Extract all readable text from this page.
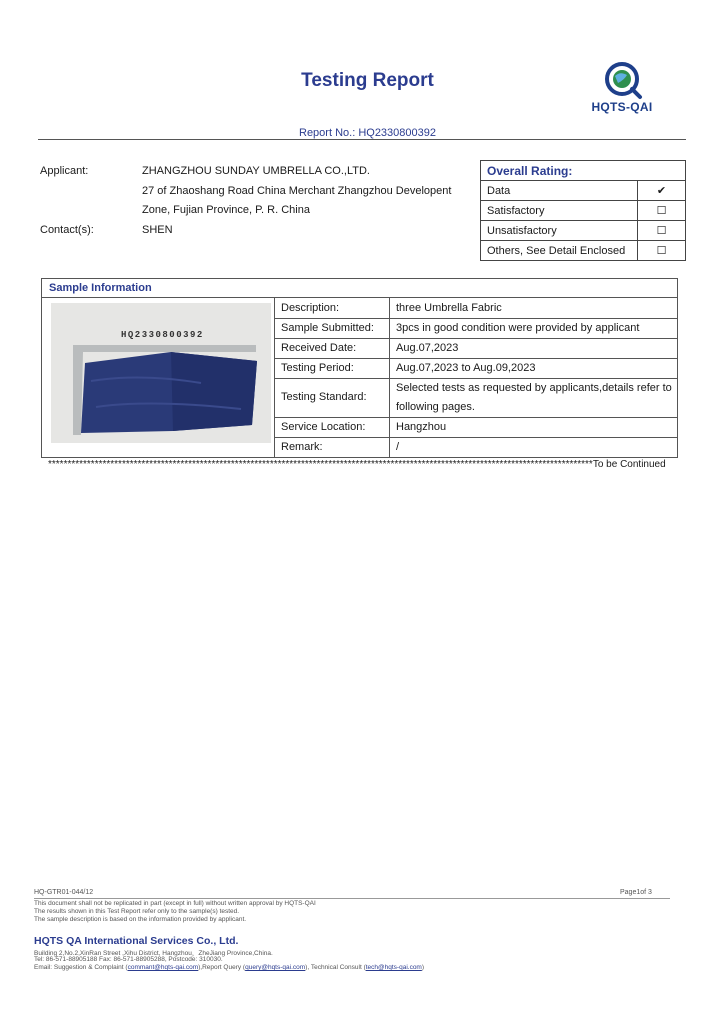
Testing Report
HQTS-QAI
Report No.: HQ2330800392
Applicant:	ZHANGZHOU SUNDAY UMBRELLA CO.,LTD.
27 of Zhaoshang Road China Merchant Zhangzhou Developent
Zone, Fujian Province, P. R. China
Contact(s):	SHEN
Overall Rating:	
Data	✔
Satisfactory	☐
Unsatisfactory	☐
Others, See Detail Enclosed	☐
Sample Information
HQ2330800392
Description:	three Umbrella Fabric
Sample Submitted:	3pcs in good condition were provided by applicant
Received Date:	Aug.07,2023
Testing Period:	Aug.07,2023 to Aug.09,2023
Testing Standard:	Selected tests as requested by applicants,details refer to
following pages.

Service Location:	Hangzhou
Remark:	/
********************************************************************************************************************************************To be Continued
HQ-GTR01-044/12	Page1of 3
This document shall not be replicated in part (except in full) without written approval by HQTS-QAI
The results shown in this Test Report refer only to the sample(s) tested.
The sample description is based on the information provided by applicant.
HQTS QA International Services Co., Ltd.
Building 2,No.2,XinRan Street ,Xihu District, Hangzhou，ZheJiang Province,China.
Tel: 86-571-88905188 Fax: 86-571-88905288, Postcode: 310030.
Email: Suggestion & Complaint (commant@hqts-qai.com),Report Query (query@hqts-qai.com), Technical Consult (tech@hqts-qai.com)
